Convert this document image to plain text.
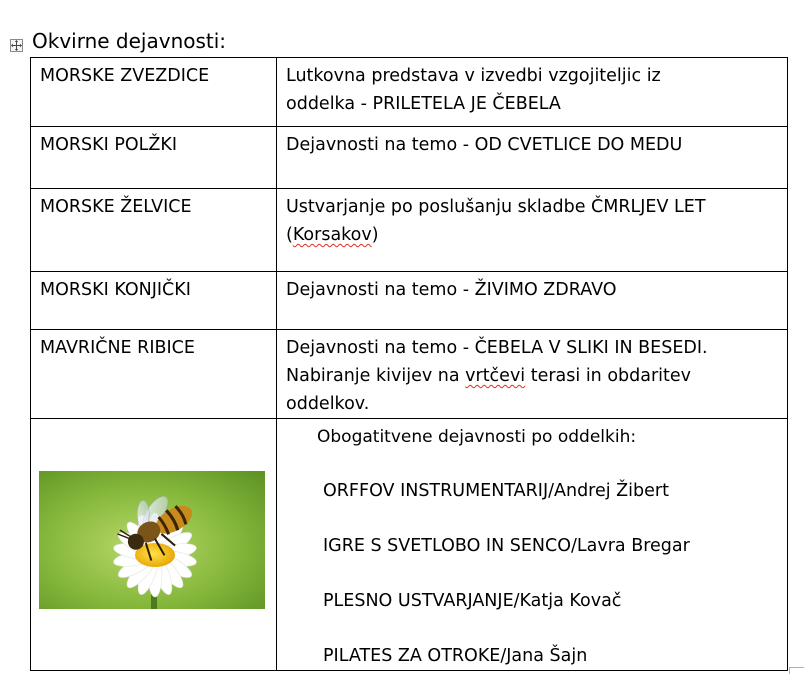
Okvirne dejavnosti:
MORSKE ZVEZDICE	Lutkovna predstava v izvedbi vzgojiteljic iz
oddelka - PRILETELA JE ČEBELA

MORSKI POLŽKI	Dejavnosti na temo - OD CVETLICE DO MEDU

MORSKE ŽELVICE	Ustvarjanje po poslušanju skladbe ČMRLJEV LET
(Korsakov)

MORSKI KONJIČKI	Dejavnosti na temo - ŽIVIMO ZDRAVO

MAVRIČNE RIBICE	Dejavnosti na temo - ČEBELA V SLIKI IN BESEDI.
Nabiranje kivijev na vrtčevi terasi in obdaritev
oddelkov.

Obogatitvene dejavnosti po oddelkih:
ORFFOV INSTRUMENTARIJ/Andrej Žibert
IGRE S SVETLOBO IN SENCO/Lavra Bregar
PLESNO USTVARJANJE/Katja Kovač
PILATES ZA OTROKE/Jana Šajn
